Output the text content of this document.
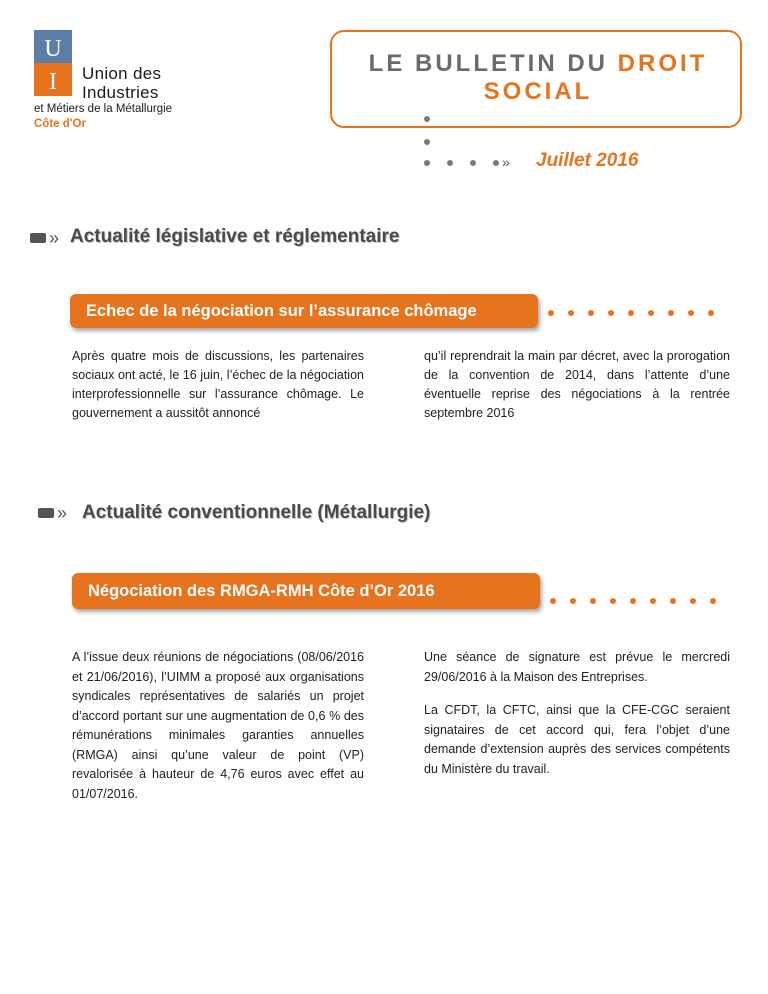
U
I Union des
Industries
et Métiers de la Métallurgie
Côte d'Or
LE BULLETIN DU DROIT
SOCIAL
» Juillet 2016
» Actualité législative et réglementaire
Echec de la négociation sur l’assurance chômage
Après quatre mois de discussions, les partenaires sociaux ont acté, le 16 juin, l’échec de la négociation interprofessionnelle sur l’assurance chômage. Le gouvernement a aussitôt annoncé
qu’il reprendrait la main par décret, avec la prorogation de la convention de 2014, dans l’attente d’une éventuelle reprise des négociations à la rentrée septembre 2016
» Actualité conventionnelle (Métallurgie)
Négociation des RMGA-RMH Côte d’Or 2016
A l’issue deux réunions de négociations (08/06/2016 et 21/06/2016), l’UIMM a proposé aux organisations syndicales représentatives de salariés un projet d’accord portant sur une augmentation de 0,6 % des rémunérations minimales garanties annuelles (RMGA) ainsi qu’une valeur de point (VP) revalorisée à hauteur de 4,76 euros avec effet au 01/07/2016.
Une séance de signature est prévue le mercredi 29/06/2016 à la Maison des Entreprises.
La CFDT, la CFTC, ainsi que la CFE-CGC seraient signataires de cet accord qui, fera l’objet d’une demande d’extension auprès des services compétents du Ministère du travail.
